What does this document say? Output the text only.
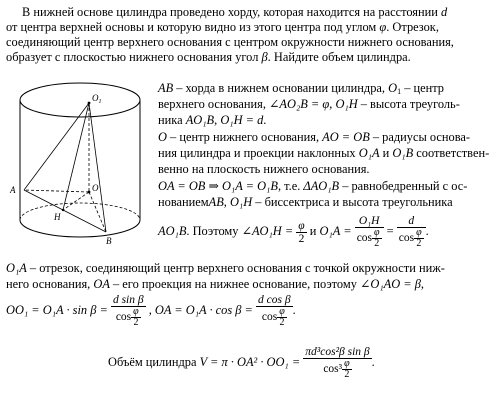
В нижней основе цилиндра проведено хорду, которая находится на расстоянии d
от центра верхней основы и которую видно из этого центра под углом φ. Отрезок,
соединяющий центр верхнего основания с центром окружности нижнего основания,
образует с плоскостью нижнего основания угол β. Найдите объем цилиндра.
$O_1$
A
B
O
H
AB – хорда в нижнем основании цилиндра, $O_1$ – центр
верхнего основания, ∠AO₂B = φ, O₁H – высота треуголь-
ника AO₁B, O₁H = d.
O – центр нижнего основания, AO = OB – радиусы основа-
ния цилиндра и проекции наклонных O₁A и O₁B соответствен-
венно на плоскость нижнего основания.
OA = OB ⇒ O₁A = O₁B, т.е. ΔAO₁B – равнобедренный с ос-
нованиемAB, O₁H – биссектриса и высота треугольника
AO₁B. Поэтому ∠AO₁H = $\frac{\varphi}{2}$ и $O_1A = \frac{\text{O₁H}}{\cos \frac{\varphi}{2}} = \frac{d}{\cos \frac{\varphi}{2}}$ .
O₁A – отрезок, соединяющий центр верхнего основания с точкой окружности ниж-
него основания, OA – его проекция на нижнее основание, поэтому ∠O₁AO = β,
$OO_1 = O_1A \cdot \sin \beta = \frac{\text{d sin β}}{\cos \frac{\varphi}{2}}$ , OA = $O_1A \cdot \cos \beta = \frac{\text{d cos β}}{\cos \frac{\varphi}{2}}$ .
Объём цилиндра $V = \pi \cdot OA^2 \cdot OO_1 = \frac{\text{πd³cos²β sin β}}{\cos^3 \frac{\varphi}{2}}$ .
